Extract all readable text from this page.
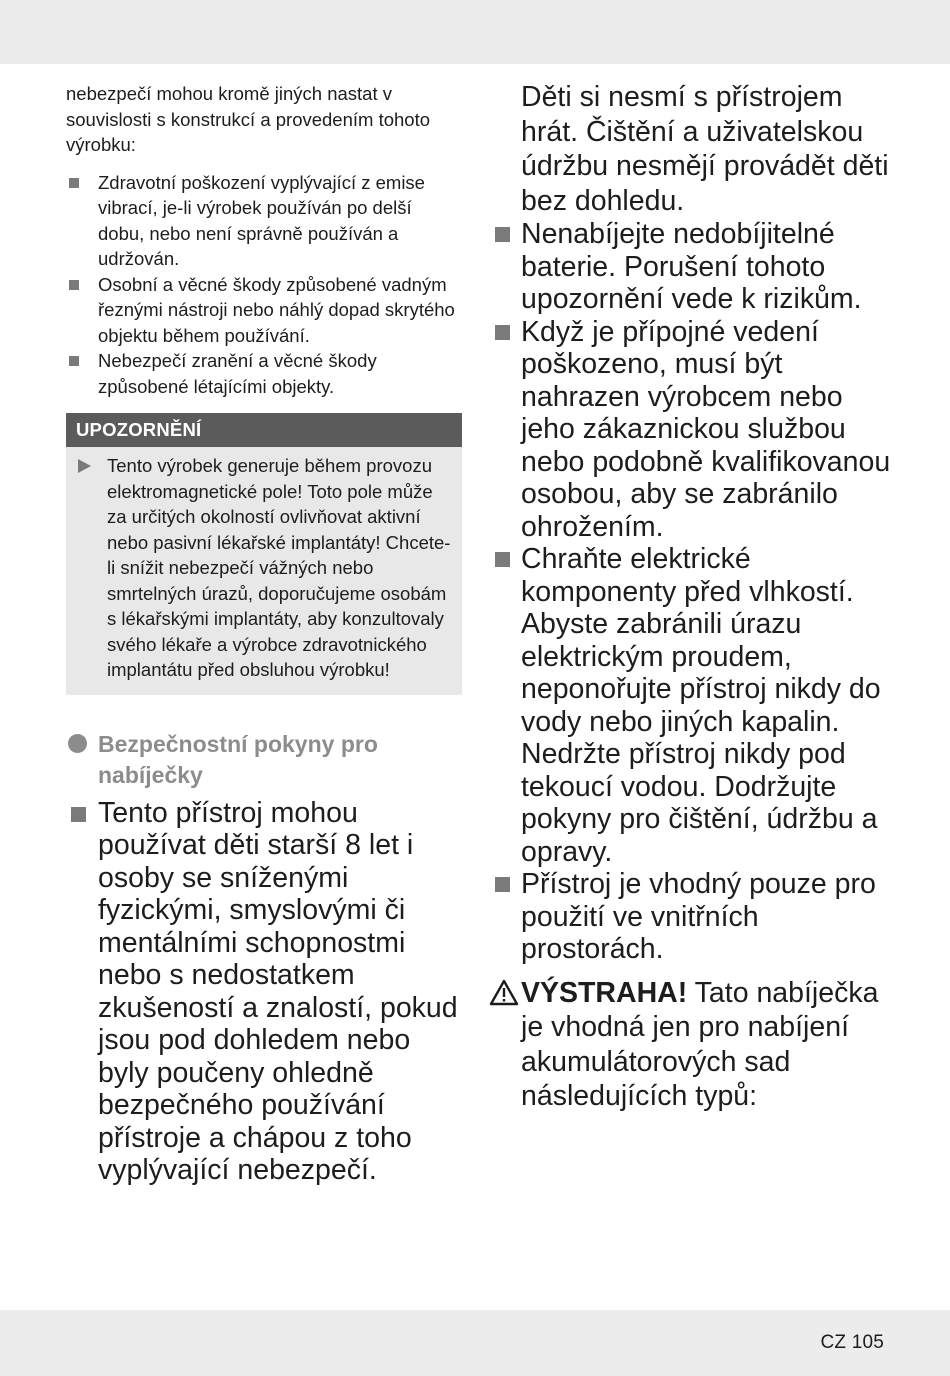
nebezpečí mohou kromě jiných nastat v souvislosti s konstrukcí a provedením tohoto výrobku:

Zdravotní poškození vyplývající z emise vibrací, je-li výrobek používán po delší dobu, nebo není správně používán a udržován.
Osobní a věcné škody způsobené vadným řeznými nástroji nebo náhlý dopad skrytého objektu během používání.
Nebezpečí zranění a věcné škody způsobené létajícími objekty.
UPOZORNĚNÍ
Tento výrobek generuje během provozu elektromagnetické pole! Toto pole může za určitých okolností ovlivňovat aktivní nebo pasivní lékařské implantáty! Chcete-li snížit nebezpečí vážných nebo smrtelných úrazů, doporučujeme osobám s lékařskými implantáty, aby konzultovaly svého lékaře a výrobce zdravotnického implantátu před obsluhou výrobku!
Bezpečnostní pokyny pro nabíječky
Tento přístroj mohou používat děti starší 8 let i osoby se sníženými fyzickými, smyslovými či mentálními schopnostmi nebo s nedostatkem zkušeností a znalostí, pokud jsou pod dohledem nebo byly poučeny ohledně bezpečného používání přístroje a chápou z toho vyplývající nebezpečí.

Děti si nesmí s přístrojem hrát. Čištění a uživatelskou údržbu nesmějí provádět děti bez dohledu.

Nenabíjejte nedobíjitelné baterie. Porušení tohoto upozornění vede k rizikům.
Když je přípojné vedení poškozeno, musí být nahrazen výrobcem nebo jeho zákaznickou službou nebo podobně kvalifikovanou osobou, aby se zabránilo ohrožením.
Chraňte elektrické komponenty před vlhkostí. Abyste zabránili úrazu elektrickým proudem, neponořujte přístroj nikdy do vody nebo jiných kapalin. Nedržte přístroj nikdy pod tekoucí vodou. Dodržujte pokyny pro čištění, údržbu a opravy.
Přístroj je vhodný pouze pro použití ve vnitřních prostorách.

VÝSTRAHA! Tato nabíječka je vhodná jen pro nabíjení akumulátorových sad následujících typů:

CZ 105
